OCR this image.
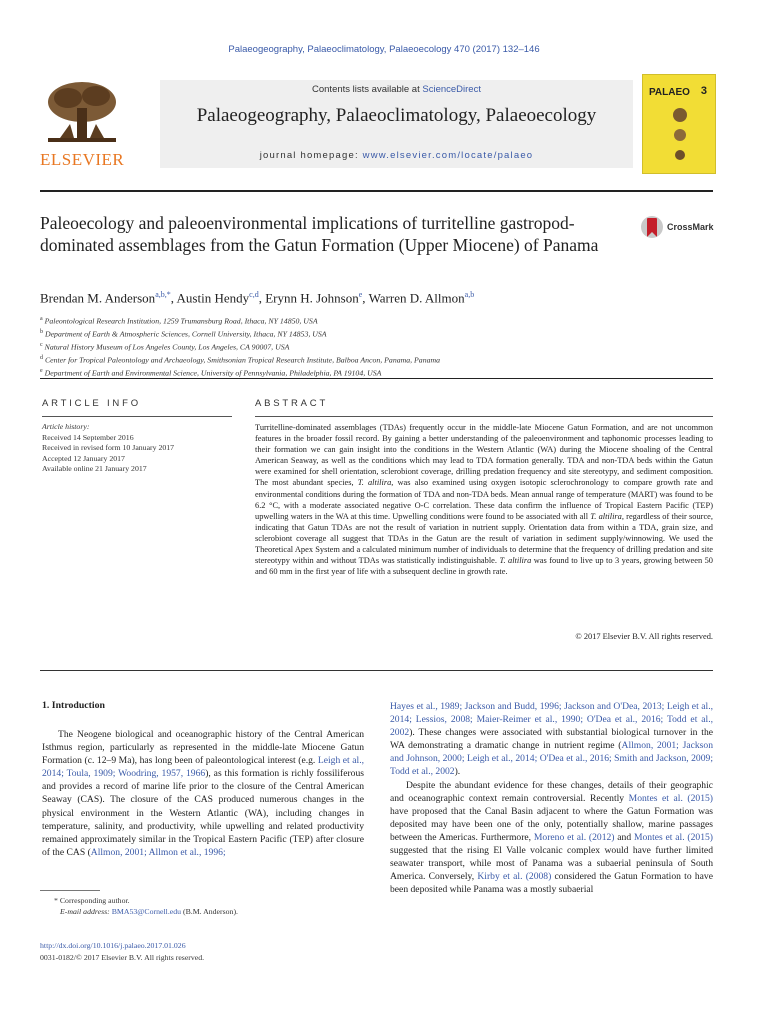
Palaeogeography, Palaeoclimatology, Palaeoecology 470 (2017) 132–146
ELSEVIER
Contents lists available at ScienceDirect
Palaeogeography, Palaeoclimatology, Palaeoecology
journal homepage: www.elsevier.com/locate/palaeo
PALAEO 3
Paleoecology and paleoenvironmental implications of turritelline gastropod-dominated assemblages from the Gatun Formation (Upper Miocene) of Panama
CrossMark
Brendan M. Anderson$^{a,b,*}$, Austin Hendy$^{c,d}$, Erynn H. Johnson$^e$, Warren D. Allmon$^{a,b}$
$^a$ Paleontological Research Institution, 1259 Trumansburg Road, Ithaca, NY 14850, USA
$^b$ Department of Earth & Atmospheric Sciences, Cornell University, Ithaca, NY 14853, USA
$^c$ Natural History Museum of Los Angeles County, Los Angeles, CA 90007, USA
$^d$ Center for Tropical Paleontology and Archaeology, Smithsonian Tropical Research Institute, Balboa Ancon, Panama, Panama
$^e$ Department of Earth and Environmental Science, University of Pennsylvania, Philadelphia, PA 19104, USA
ARTICLE INFO
Article history:
Received 14 September 2016
Received in revised form 10 January 2017
Accepted 12 January 2017
Available online 21 January 2017
ABSTRACT
Turritelline-dominated assemblages (TDAs) frequently occur in the middle-late Miocene Gatun Formation, and are not uncommon features in the broader fossil record. By gaining a better understanding of the paleoenvironment and taphonomic processes leading to their formation we can gain insight into the conditions in the Western Atlantic (WA) during the Miocene shoaling of the Central American Seaway, as well as the conditions which may lead to TDA formation generally. TDA and non-TDA beds within the Gatun were examined for shell orientation, sclerobiont coverage, drilling predation frequency and site stereotypy, and sediment composition. The most abundant species, T. altilira, was also examined using oxygen isotopic sclerochronology to compare growth rate and environmental conditions during the formation of TDA and non-TDA beds. Mean annual range of temperature (MART) was found to be 6.2 °C, with a moderate associated negative O-C correlation. These data confirm the influence of Tropical Eastern Pacific (TEP) upwelling waters in the WA at this time. Upwelling conditions were found to be associated with all T. altilira, regardless of their source, indicating that Gatun TDAs are not the result of variation in nutrient supply. Orientation data from within a TDA, grain size, and sclerobiont coverage all suggest that TDAs in the Gatun are the result of variation in sediment supply/winnowing. We used the Theoretical Apex System and a calculated minimum number of individuals to determine that the frequency of drilling predation and site stereotypy within and without TDAs was statistically indistinguishable. T. altilira was found to live up to 3 years, growing between 50 and 60 mm in the first year of life with a subsequent decline in growth rate.
© 2017 Elsevier B.V. All rights reserved.
1. Introduction

The Neogene biological and oceanographic history of the Central American Isthmus region, particularly as represented in the middle-late Miocene Gatun Formation (c. 12–9 Ma), has long been of paleontological interest (e.g. Leigh et al., 2014; Toula, 1909; Woodring, 1957, 1966), as this formation is richly fossiliferous and provides a record of marine life prior to the closure of the Central American Seaway (CAS). The closure of the CAS produced numerous changes in the physical environment in the Western Atlantic (WA), including changes in temperature, salinity, and productivity, while upwelling and related productivity remained approximately similar in the Tropical Eastern Pacific (TEP) after closure of the CAS (Allmon, 2001; Allmon et al., 1996;

Hayes et al., 1989; Jackson and Budd, 1996; Jackson and O'Dea, 2013; Leigh et al., 2014; Lessios, 2008; Maier-Reimer et al., 1990; O'Dea et al., 2016; Todd et al., 2002). These changes were associated with substantial biological turnover in the WA demonstrating a dramatic change in nutrient regime (Allmon, 2001; Jackson and Johnson, 2000; Leigh et al., 2014; O'Dea et al., 2016; Smith and Jackson, 2009; Todd et al., 2002).

Despite the abundant evidence for these changes, details of their geographic and oceanographic context remain controversial. Recently Montes et al. (2015) have proposed that the Canal Basin adjacent to where the Gatun Formation was deposited may have been one of the only, potentially shallow, marine passages between the Americas. Furthermore, Moreno et al. (2012) and Montes et al. (2015) suggested that the rising El Valle volcanic complex would have further limited seawater transport, while most of Panama was a subaerial peninsula of South America. Conversely, Kirby et al. (2008) considered the Gatun Formation to have been deposited while Panama was a mostly subaerial

* Corresponding author.
E-mail address: BMA53@Cornell.edu (B.M. Anderson).
http://dx.doi.org/10.1016/j.palaeo.2017.01.026
0031-0182/© 2017 Elsevier B.V. All rights reserved.
